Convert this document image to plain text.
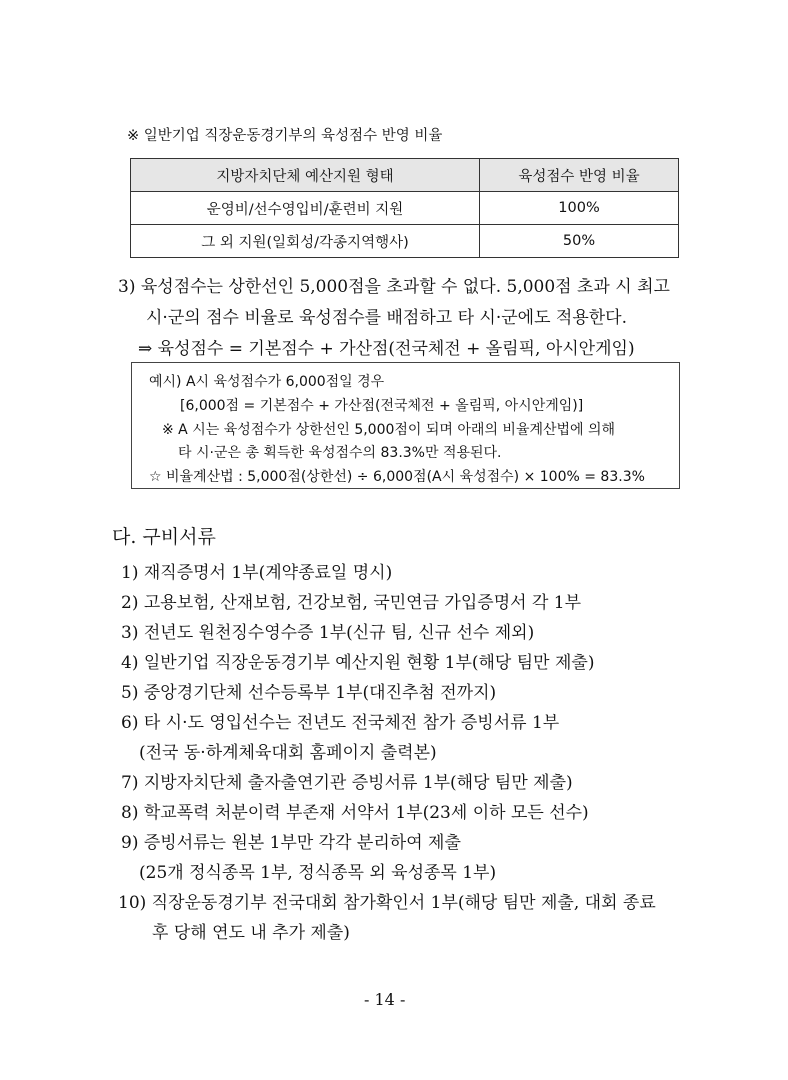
※ 일반기업 직장운동경기부의 육성점수 반영 비율
지방자치단체 예산지원 형태	육성점수 반영 비율
운영비/선수영입비/훈련비 지원	100%
그 외 지원(일회성/각종지역행사)	50%
3) 육성점수는 상한선인 5,000점을 초과할 수 없다. 5,000점 초과 시 최고
시·군의 점수 비율로 육성점수를 배점하고 타 시·군에도 적용한다.
⇒ 육성점수 = 기본점수 + 가산점(전국체전 + 올림픽, 아시안게임)
예시) A시 육성점수가 6,000점일 경우
[6,000점 = 기본점수 + 가산점(전국체전 + 올림픽, 아시안게임)]
※ A 시는 육성점수가 상한선인 5,000점이 되며 아래의 비율계산법에 의해
타 시·군은 총 획득한 육성점수의 83.3%만 적용된다.
☆ 비율계산법 : 5,000점(상한선) ÷ 6,000점(A시 육성점수) × 100% = 83.3%
다. 구비서류
1) 재직증명서 1부(계약종료일 명시)
2) 고용보험, 산재보험, 건강보험, 국민연금 가입증명서 각 1부
3) 전년도 원천징수영수증 1부(신규 팀, 신규 선수 제외)
4) 일반기업 직장운동경기부 예산지원 현황 1부(해당 팀만 제출)
5) 중앙경기단체 선수등록부 1부(대진추첨 전까지)
6) 타 시·도 영입선수는 전년도 전국체전 참가 증빙서류 1부
(전국 동·하계체육대회 홈페이지 출력본)
7) 지방자치단체 출자출연기관 증빙서류 1부(해당 팀만 제출)
8) 학교폭력 처분이력 부존재 서약서 1부(23세 이하 모든 선수)
9) 증빙서류는 원본 1부만 각각 분리하여 제출
(25개 정식종목 1부, 정식종목 외 육성종목 1부)
10) 직장운동경기부 전국대회 참가확인서 1부(해당 팀만 제출, 대회 종료
후 당해 연도 내 추가 제출)
- 14 -
